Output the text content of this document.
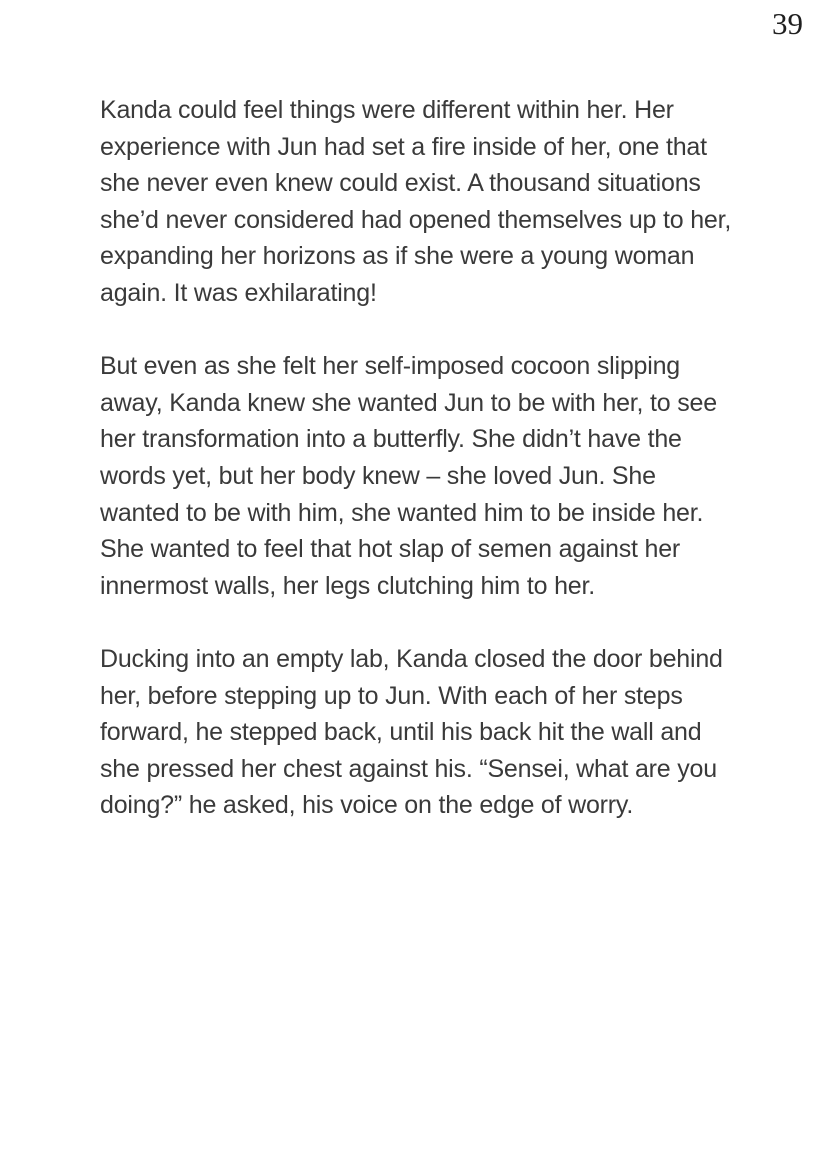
39

Kanda could feel things were different within her. Her experience with Jun had set a fire inside of her, one that she never even knew could exist. A thousand situations she’d never considered had opened themselves up to her, expanding her horizons as if she were a young woman again. It was exhilarating!

But even as she felt her self-imposed cocoon slipping away, Kanda knew she wanted Jun to be with her, to see her transformation into a butterfly. She didn’t have the words yet, but her body knew – she loved Jun. She wanted to be with him, she wanted him to be inside her. She wanted to feel that hot slap of semen against her innermost walls, her legs clutching him to her.

Ducking into an empty lab, Kanda closed the door behind her, before stepping up to Jun. With each of her steps forward, he stepped back, until his back hit the wall and she pressed her chest against his. “Sensei, what are you doing?” he asked, his voice on the edge of worry.
